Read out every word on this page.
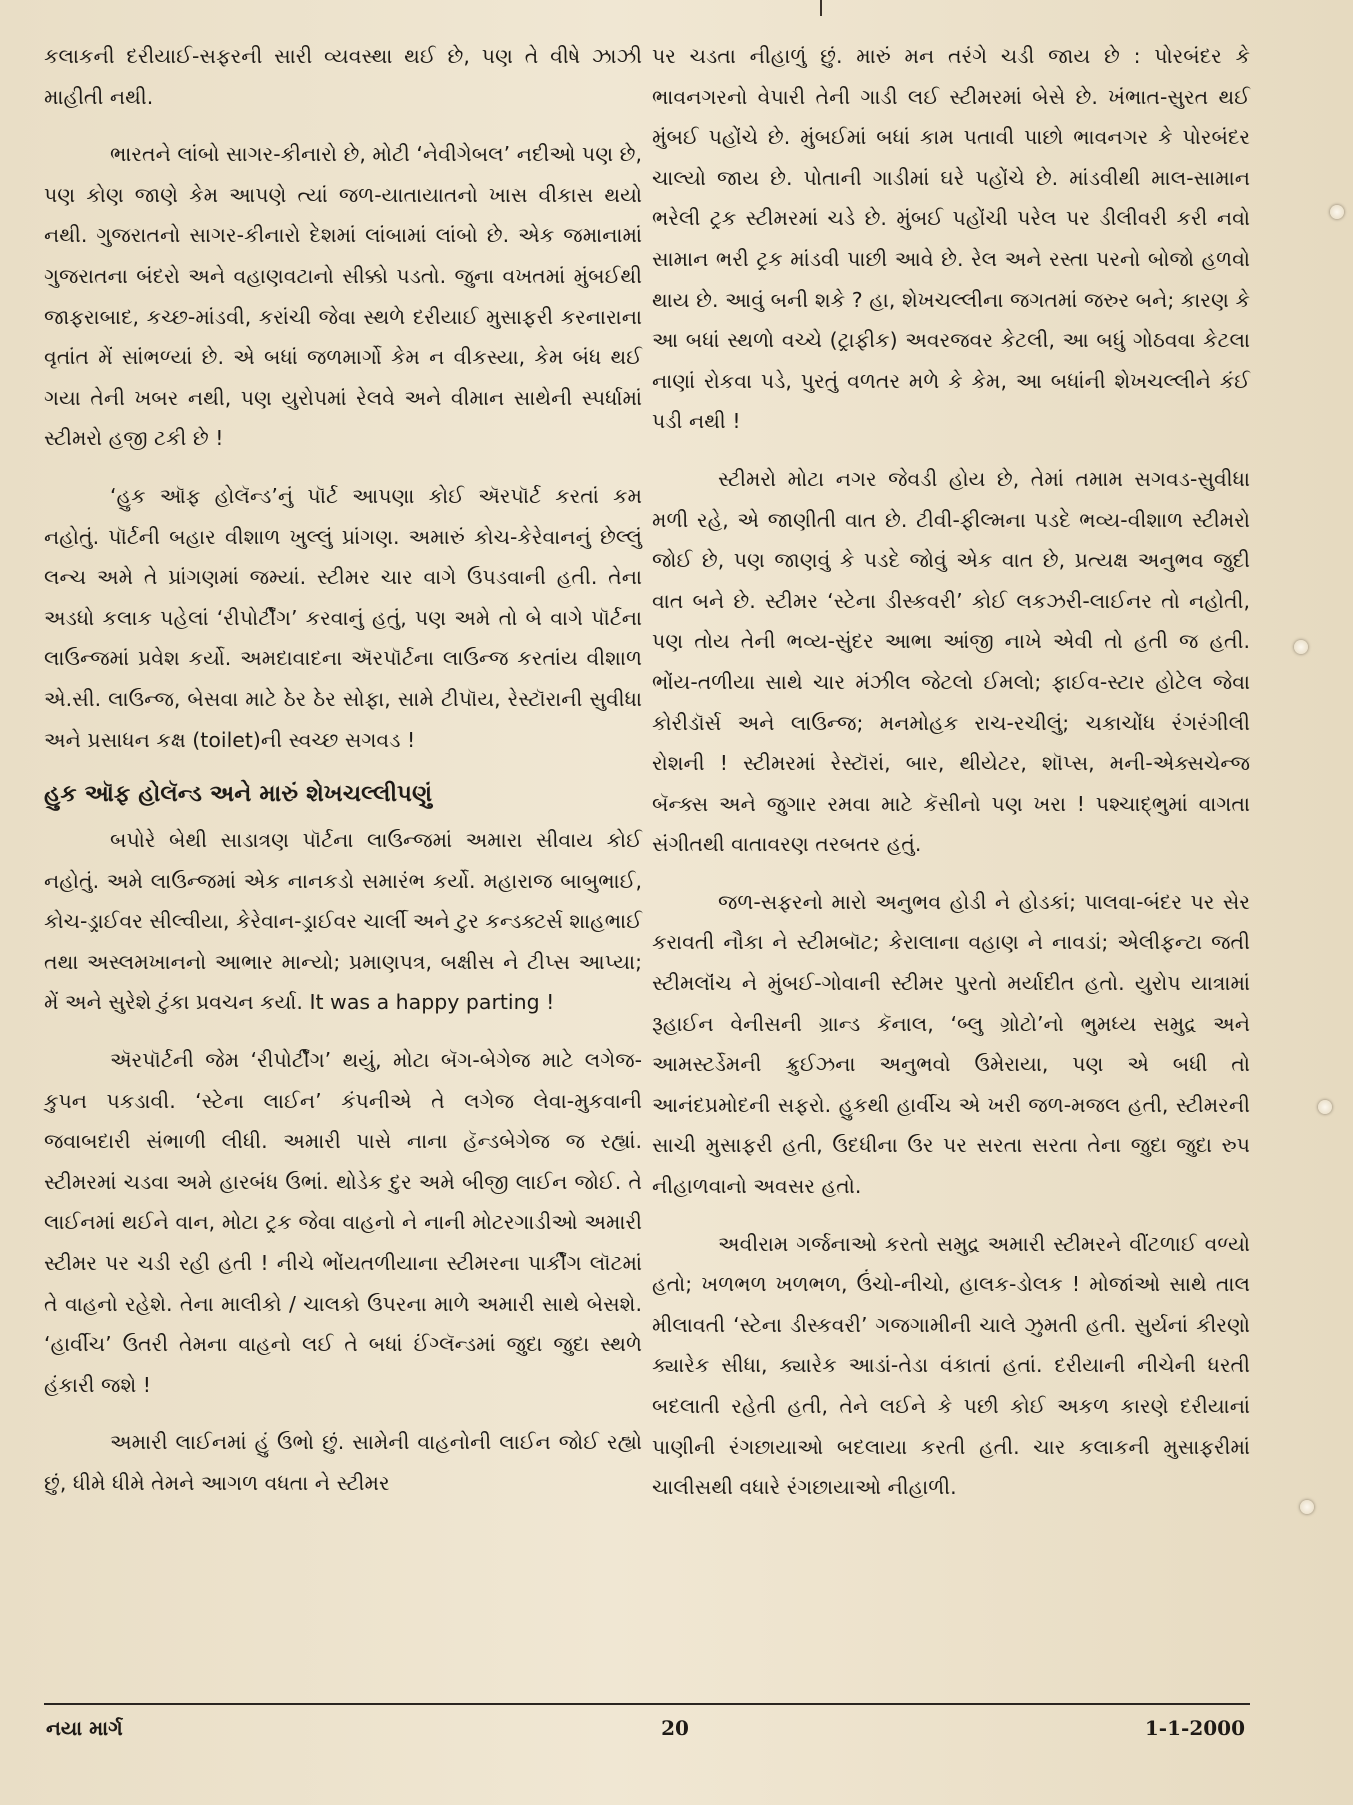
કલાકની દરીયાઈ-સફરની સારી વ્યવસ્થા થઈ છે, પણ તે વીષે ઝાઝી માહીતી નથી.

ભારતને લાંબો સાગર-કીનારો છે, મોટી ‘નેવીગેબલ’ નદીઓ પણ છે, પણ કોણ જાણે કેમ આપણે ત્યાં જળ-યાતાયાતનો ખાસ વીકાસ થયો નથી. ગુજરાતનો સાગર-કીનારો દેશમાં લાંબામાં લાંબો છે. એક જમાનામાં ગુજરાતના બંદરો અને વહાણવટાનો સીક્કો પડતો. જુના વખતમાં મુંબઈથી જાફરાબાદ, કચ્છ-માંડવી, કરાંચી જેવા સ્થળે દરીયાઈ મુસાફરી કરનારાના વૃતાંત મેં સાંભળ્યાં છે. એ બધાં જળમાર્ગો કેમ ન વીકસ્યા, કેમ બંધ થઈ ગયા તેની ખબર નથી, પણ યુરોપમાં રેલવે અને વીમાન સાથેની સ્પર્ધામાં સ્ટીમરો હજી ટકી છે !

‘હુક ઑફ હોલૅન્ડ’નું પૉર્ટ આપણા કોઈ ઍરપૉર્ટ કરતાં કમ નહોતું. પૉર્ટની બહાર વીશાળ ખુલ્લું પ્રાંગણ. અમારું કોચ-કેરેવાનનું છેલ્લું લન્ચ અમે તે પ્રાંગણમાં જમ્યાં. સ્ટીમર ચાર વાગે ઉપડવાની હતી. તેના અડધો કલાક પહેલાં ‘રીપોર્ટીંગ’ કરવાનું હતું, પણ અમે તો બે વાગે પૉર્ટના લાઉન્જમાં પ્રવેશ કર્યો. અમદાવાદના ઍરપૉર્ટના લાઉન્જ કરતાંય વીશાળ એ.સી. લાઉન્જ, બેસવા માટે ઠેર ઠેર સોફા, સામે ટીપૉય, રેસ્ટૉરાની સુવીધા અને પ્રસાધન કક્ષ (toilet)ની સ્વચ્છ સગવડ !

હુક ઑફ હોલૅન્ડ અને મારું શેખચલ્લીપણું

બપોરે બેથી સાડાત્રણ પૉર્ટના લાઉન્જમાં અમારા સીવાય કોઈ નહોતું. અમે લાઉન્જમાં એક નાનકડો સમારંભ કર્યો. મહારાજ બાબુભાઈ, કોચ-ડ્રાઈવર સીલ્વીયા, કેરેવાન-ડ્રાઈવર ચાર્લી અને ટુર કન્ડક્ટર્સ શાહભાઈ તથા અસ્લમખાનનો આભાર માન્યો; પ્રમાણપત્ર, બક્ષીસ ને ટીપ્સ આપ્યા; મેં અને સુરેશે ટુંકા પ્રવચન કર્યા. It was a happy parting !

ઍરપૉર્ટની જેમ ‘રીપોર્ટીંગ’ થયું, મોટા બૅગ-બેગેજ માટે લગેજ-કુપન પકડાવી. ‘સ્ટેના લાઈન’ કંપનીએ તે લગેજ લેવા-મુકવાની જવાબદારી સંભાળી લીધી. અમારી પાસે નાના હૅન્ડબેગેજ જ રહ્યાં. સ્ટીમરમાં ચડવા અમે હારબંધ ઉભાં. થોડેક દુર અમે બીજી લાઈન જોઈ. તે લાઈનમાં થઈને વાન, મોટા ટ્રક જેવા વાહનો ને નાની મોટરગાડીઓ અમારી સ્ટીમર પર ચડી રહી હતી ! નીચે ભોંયતળીયાના સ્ટીમરના પાર્કીંગ લૉટમાં તે વાહનો રહેશે. તેના માલીકો / ચાલકો ઉપરના માળે અમારી સાથે બેસશે. ‘હાર્વીચ’ ઉતરી તેમના વાહનો લઈ તે બધાં ઈંગ્લૅન્ડમાં જુદા જુદા સ્થળે હંકારી જશે !

અમારી લાઈનમાં હું ઉભો છું. સામેની વાહનોની લાઈન જોઈ રહ્યો છું, ધીમે ધીમે તેમને આગળ વધતા ને સ્ટીમર

પર ચડતા નીહાળું છું. મારું મન તરંગે ચડી જાય છે : પોરબંદર કે ભાવનગરનો વેપારી તેની ગાડી લઈ સ્ટીમરમાં બેસે છે. ખંભાત-સુરત થઈ મુંબઈ પહોંચે છે. મુંબઈમાં બધાં કામ પતાવી પાછો ભાવનગર કે પોરબંદર ચાલ્યો જાય છે. પોતાની ગાડીમાં ઘરે પહોંચે છે. માંડવીથી માલ-સામાન ભરેલી ટ્રક સ્ટીમરમાં ચડે છે. મુંબઈ પહોંચી પરેલ પર ડીલીવરી કરી નવો સામાન ભરી ટ્રક માંડવી પાછી આવે છે. રેલ અને રસ્તા પરનો બોજો હળવો થાય છે. આવું બની શકે ? હા, શેખચલ્લીના જગતમાં જરુર બને; કારણ કે આ બધાં સ્થળો વચ્ચે (ટ્રાફીક) અવરજવર કેટલી, આ બધું ગોઠવવા કેટલા નાણાં રોકવા પડે, પુરતું વળતર મળે કે કેમ, આ બધાંની શેખચલ્લીને કંઈ પડી નથી !

સ્ટીમરો મોટા નગર જેવડી હોય છે, તેમાં તમામ સગવડ-સુવીધા મળી રહે, એ જાણીતી વાત છે. ટીવી-ફીલ્મના પડદે ભવ્ય-વીશાળ સ્ટીમરો જોઈ છે, પણ જાણવું કે પડદે જોવું એક વાત છે, પ્રત્યક્ષ અનુભવ જુદી વાત બને છે. સ્ટીમર ‘સ્ટેના ડીસ્કવરી’ કોઈ લકઝરી-લાઈનર તો નહોતી, પણ તોય તેની ભવ્ય-સુંદર આભા આંજી નાખે એવી તો હતી જ હતી. ભોંય-તળીયા સાથે ચાર મંઝીલ જેટલો ઈમલો; ફાઈવ-સ્ટાર હોટેલ જેવા કોરીડૉર્સ અને લાઉન્જ; મનમોહક રાચ-રચીલું; ચકાચોંધ રંગરંગીલી રોશની ! સ્ટીમરમાં રેસ્ટૉરાં, બાર, થીયેટર, શૉપ્સ, મની-એક્સચેન્જ બૅન્ક્સ અને જુગાર રમવા માટે કૅસીનો પણ ખરા ! પશ્ચાદ્ભુમાં વાગતા સંગીતથી વાતાવરણ તરબતર હતું.

જળ-સફરનો મારો અનુભવ હોડી ને હોડકાં; પાલવા-બંદર પર સેર કરાવતી નૌકા ને સ્ટીમબૉટ; કેરાલાના વહાણ ને નાવડાં; એલીફન્ટા જતી સ્ટીમલૉંચ ને મુંબઈ-ગોવાની સ્ટીમર પુરતો મર્યાદીત હતો. યુરોપ યાત્રામાં રૂહાઈન વેનીસની ગ્રાન્ડ કૅનાલ, ‘બ્લુ ગ્રોટો’નો ભુમધ્ય સમુદ્ર અને આમસ્ટર્ડેમની ક્રુઈઝના અનુભવો ઉમેરાયા, પણ એ બધી તો આનંદપ્રમોદની સફરો. હુકથી હાર્વીચ એ ખરી જળ-મજલ હતી, સ્ટીમરની સાચી મુસાફરી હતી, ઉદધીના ઉર પર સરતા સરતા તેના જુદા જુદા રુપ નીહાળવાનો અવસર હતો.

અવીરામ ગર્જનાઓ કરતો સમુદ્ર અમારી સ્ટીમરને વીંટળાઈ વળ્યો હતો; ખળભળ ખળભળ, ઉંચો-નીચો, હાલક-ડોલક ! મોજાંઓ સાથે તાલ મીલાવતી ‘સ્ટેના ડીસ્કવરી’ ગજગામીની ચાલે ઝુમતી હતી. સુર્યનાં કીરણો ક્યારેક સીધા, ક્યારેક આડાં-તેડા વંકાતાં હતાં. દરીયાની નીચેની ધરતી બદલાતી રહેતી હતી, તેને લઈને કે પછી કોઈ અકળ કારણે દરીયાનાં પાણીની રંગછાયાઓ બદલાયા કરતી હતી. ચાર કલાકની મુસાફરીમાં ચાલીસથી વધારે રંગછાયાઓ નીહાળી.

નયા માર્ગ	20	1-1-2000
